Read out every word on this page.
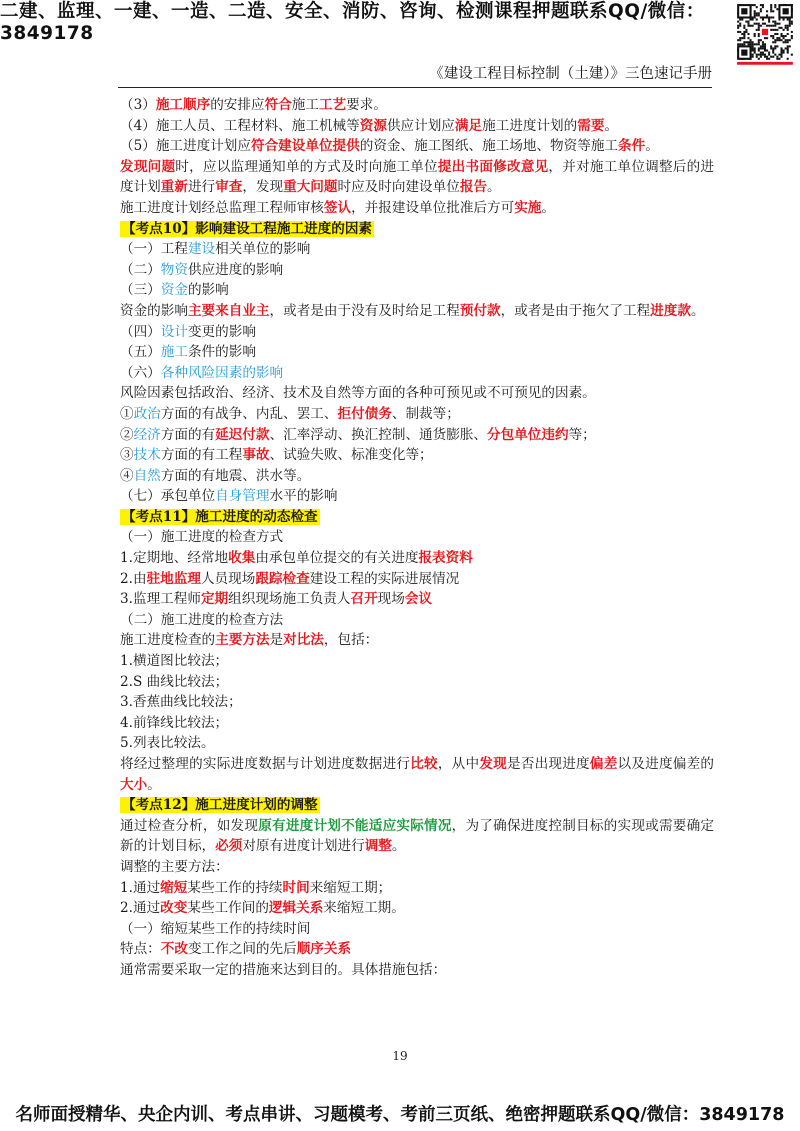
二建、监理、一建、一造、二造、安全、消防、咨询、检测课程押题联系QQ/微信：3849178
《建设工程目标控制（土建）》三色速记手册

（3）施工顺序的安排应符合施工工艺要求。

（4）施工人员、工程材料、施工机械等资源供应计划应满足施工进度计划的需要。

（5）施工进度计划应符合建设单位提供的资金、施工图纸、施工场地、物资等施工条件。

发现问题时，应以监理通知单的方式及时向施工单位提出书面修改意见，并对施工单位调整后的进度计划重新进行审查，发现重大问题时应及时向建设单位报告。

施工进度计划经总监理工程师审核签认，并报建设单位批准后方可实施。

【考点10】影响建设工程施工进度的因素

（一）工程建设相关单位的影响

（二）物资供应进度的影响

（三）资金的影响

资金的影响主要来自业主，或者是由于没有及时给足工程预付款，或者是由于拖欠了工程进度款。

（四）设计变更的影响

（五）施工条件的影响

（六）各种风险因素的影响

风险因素包括政治、经济、技术及自然等方面的各种可预见或不可预见的因素。

①政治方面的有战争、内乱、罢工、拒付债务、制裁等；

②经济方面的有延迟付款、汇率浮动、换汇控制、通货膨胀、分包单位违约等；

③技术方面的有工程事故、试验失败、标准变化等；

④自然方面的有地震、洪水等。

（七）承包单位自身管理水平的影响

【考点11】施工进度的动态检查

（一）施工进度的检查方式

1.定期地、经常地收集由承包单位提交的有关进度报表资料

2.由驻地监理人员现场跟踪检查建设工程的实际进展情况

3.监理工程师定期组织现场施工负责人召开现场会议

（二）施工进度的检查方法

施工进度检查的主要方法是对比法，包括：

1.横道图比较法；

2.S 曲线比较法；

3.香蕉曲线比较法；

4.前锋线比较法；

5.列表比较法。

将经过整理的实际进度数据与计划进度数据进行比较，从中发现是否出现进度偏差以及进度偏差的大小。

【考点12】施工进度计划的调整

通过检查分析，如发现原有进度计划不能适应实际情况，为了确保进度控制目标的实现或需要确定新的计划目标，必须对原有进度计划进行调整。

调整的主要方法：

1.通过缩短某些工作的持续时间来缩短工期；

2.通过改变某些工作间的逻辑关系来缩短工期。

（一）缩短某些工作的持续时间

特点：不改变工作之间的先后顺序关系

通常需要采取一定的措施来达到目的。具体措施包括：

19
名师面授精华、央企内训、考点串讲、习题模考、考前三页纸、绝密押题联系QQ/微信：3849178
